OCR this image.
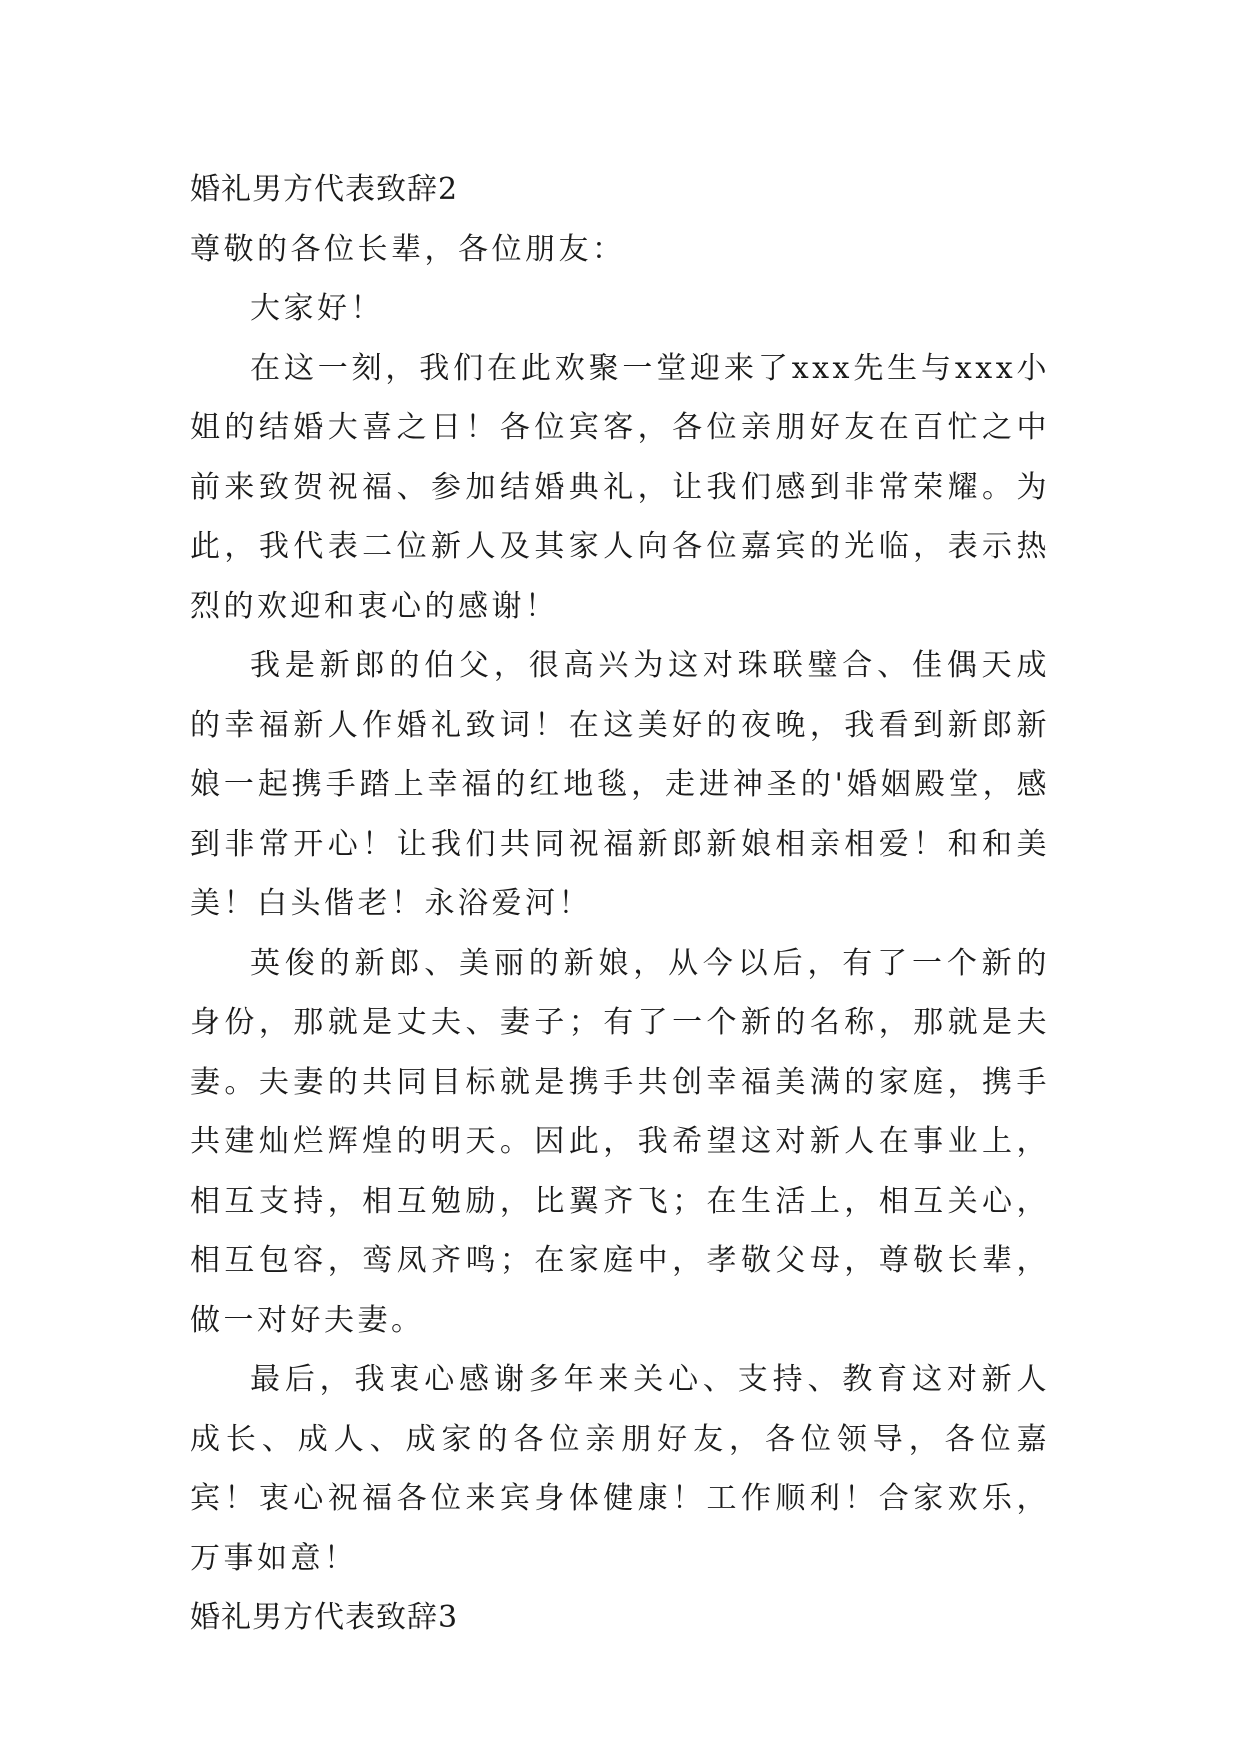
婚礼男方代表致辞2

尊敬的各位长辈，各位朋友：

大家好！

在这一刻，我们在此欢聚一堂迎来了xxx先生与xxx小姐的结婚大喜之日！各位宾客，各位亲朋好友在百忙之中前来致贺祝福、参加结婚典礼，让我们感到非常荣耀。为此，我代表二位新人及其家人向各位嘉宾的光临，表示热烈的欢迎和衷心的感谢！

我是新郎的伯父，很高兴为这对珠联璧合、佳偶天成的幸福新人作婚礼致词！在这美好的夜晚，我看到新郎新娘一起携手踏上幸福的红地毯，走进神圣的'婚姻殿堂，感到非常开心！让我们共同祝福新郎新娘相亲相爱！和和美美！白头偕老！永浴爱河！

英俊的新郎、美丽的新娘，从今以后，有了一个新的身份，那就是丈夫、妻子；有了一个新的名称，那就是夫妻。夫妻的共同目标就是携手共创幸福美满的家庭，携手共建灿烂辉煌的明天。因此，我希望这对新人在事业上，相互支持，相互勉励，比翼齐飞；在生活上，相互关心，相互包容，鸾凤齐鸣；在家庭中，孝敬父母，尊敬长辈，做一对好夫妻。

最后，我衷心感谢多年来关心、支持、教育这对新人成长、成人、成家的各位亲朋好友，各位领导，各位嘉宾！衷心祝福各位来宾身体健康！工作顺利！合家欢乐，万事如意！

婚礼男方代表致辞3
